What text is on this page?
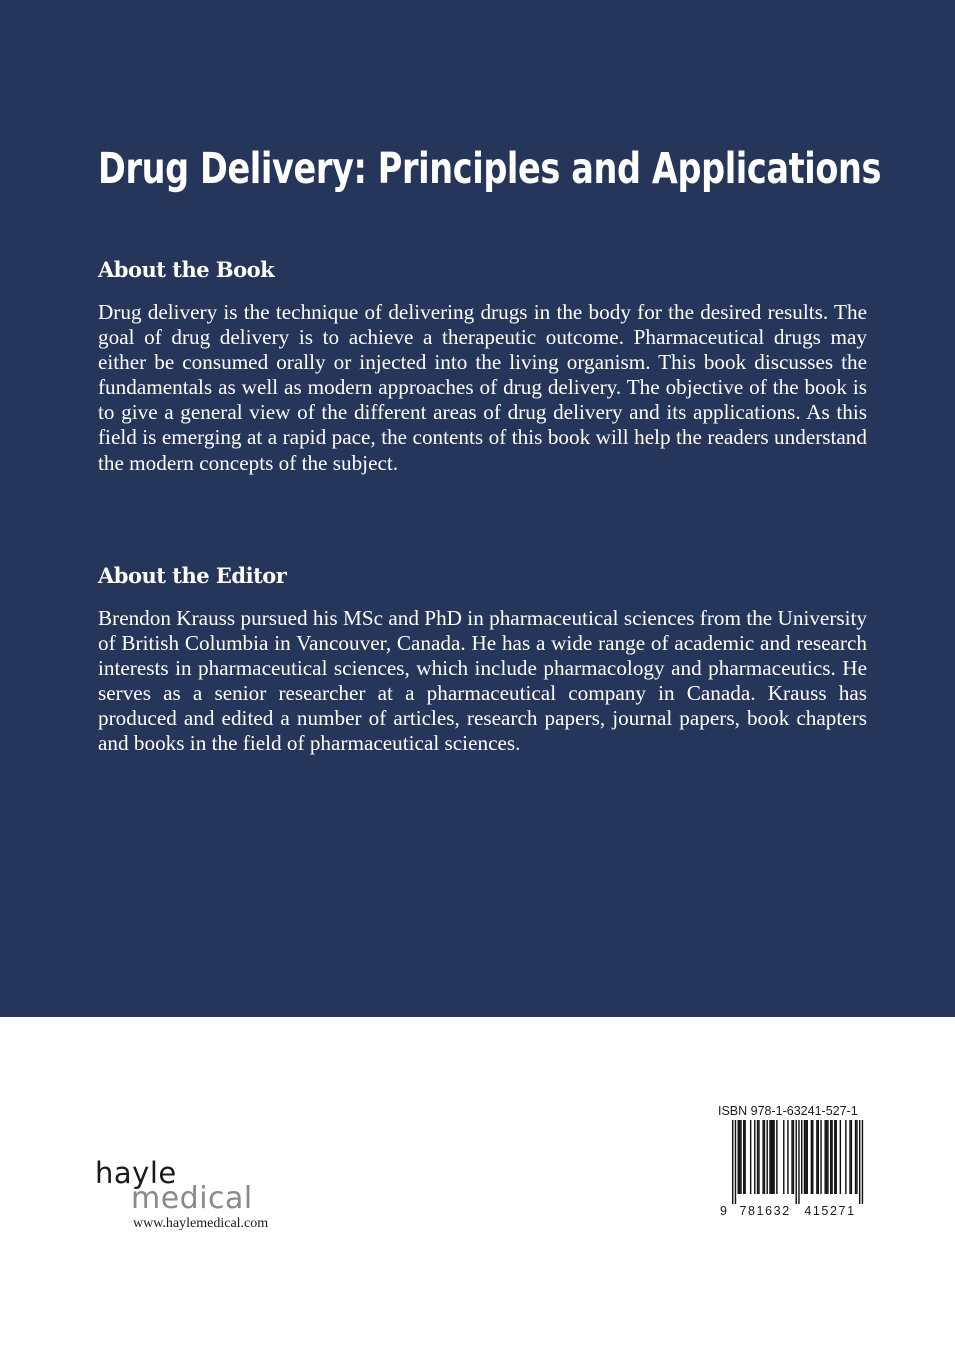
Drug Delivery: Principles and Applications
About the Book

Drug delivery is the technique of delivering drugs in the body for the desired results. The goal of drug delivery is to achieve a therapeutic outcome. Pharmaceutical drugs may either be consumed orally or injected into the living organism. This book discusses the fundamentals as well as modern approaches of drug delivery. The objective of the book is to give a general view of the different areas of drug delivery and its applications. As this field is emerging at a rapid pace, the contents of this book will help the readers understand the modern concepts of the subject.

About the Editor

Brendon Krauss pursued his MSc and PhD in pharmaceutical sciences from the University of British Columbia in Vancouver, Canada. He has a wide range of academic and research interests in pharmaceutical sciences, which include pharmacology and pharmaceutics. He serves as a senior researcher at a pharmaceutical company in Canada. Krauss has produced and edited a number of articles, research papers, journal papers, book chapters and books in the field of pharmaceutical sciences.

hayle
medical
www.haylemedical.com
ISBN 978-1-63241-527-1
9 781632 415271
